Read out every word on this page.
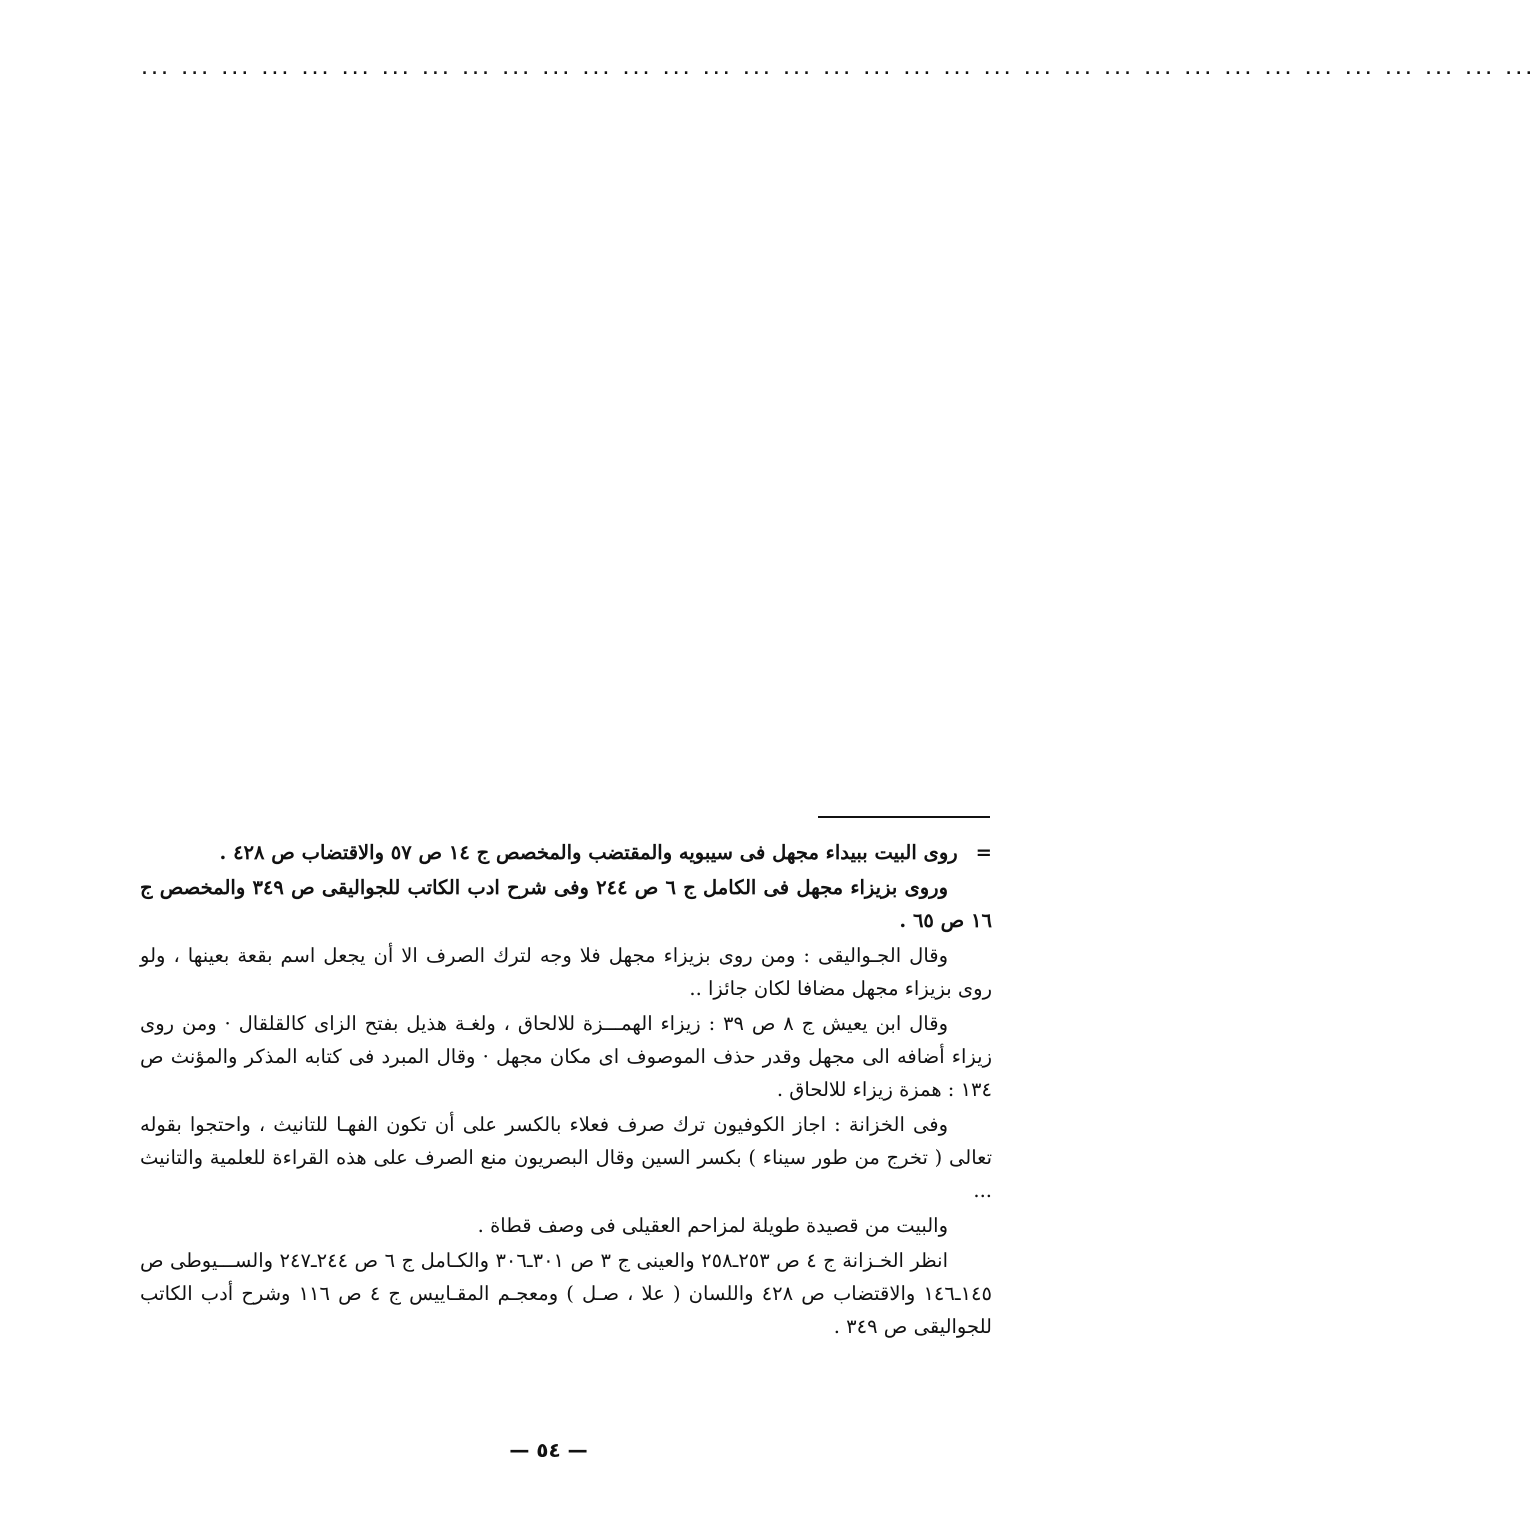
... ... ... ... ... ... ... ... ... ... ... ... ... ... ... ... ... ... ... ... ... ... ... ... ... ... ... ... ... ... ... ... ... ... ...

=روى البيت ببيداء مجهل فى سيبويه والمقتضب والمخصص ج ١٤ ص ٥٧ والاقتضاب ص ٤٢٨ .

وروى بزيزاء مجهل فى الكامل ج ٦ ص ٢٤٤ وفى شرح ادب الكاتب للجواليقى ص ٣٤٩ والمخصص ج ١٦ ص ٦٥ .

وقال الجـواليقى : ومن روى بزيزاء مجهل فلا وجه لترك الصرف الا أن يجعل اسم بقعة بعينها ، ولو روى بزيزاء مجهل مضافا لكان جائزا ..

وقال ابن يعيش ج ٨ ص ٣٩ : زيزاء الهمـــزة للالحاق ، ولغـة هذيل بفتح الزاى كالقلقال · ومن روى زيزاء أضافه الى مجهل وقدر حذف الموصوف اى مكان مجهل · وقال المبرد فى كتابه المذكر والمؤنث ص ١٣٤ : همزة زيزاء للالحاق .

وفى الخزانة : اجاز الكوفيون ترك صرف فعلاء بالكسر على أن تكون الفهـا للتانيث ، واحتجوا بقوله تعالى ( تخرج من طور سيناء ) بكسر السين وقال البصريون منع الصرف على هذه القراءة للعلمية والتانيث ...

والبيت من قصيدة طويلة لمزاحم العقيلى فى وصف قطاة .

انظر الخـزانة ج ٤ ص ٢٥٣ـ٢٥٨ والعينى ج ٣ ص ٣٠١ـ٣٠٦ والكـامل ج ٦ ص ٢٤٤ـ٢٤٧ والســـيوطى ص ١٤٥ـ١٤٦ والاقتضاب ص ٤٢٨ واللسان ( علا ، صـل ) ومعجـم المقـاييس ج ٤ ص ١١٦ وشرح أدب الكاتب للجواليقى ص ٣٤٩ .

— ٥٤ —
